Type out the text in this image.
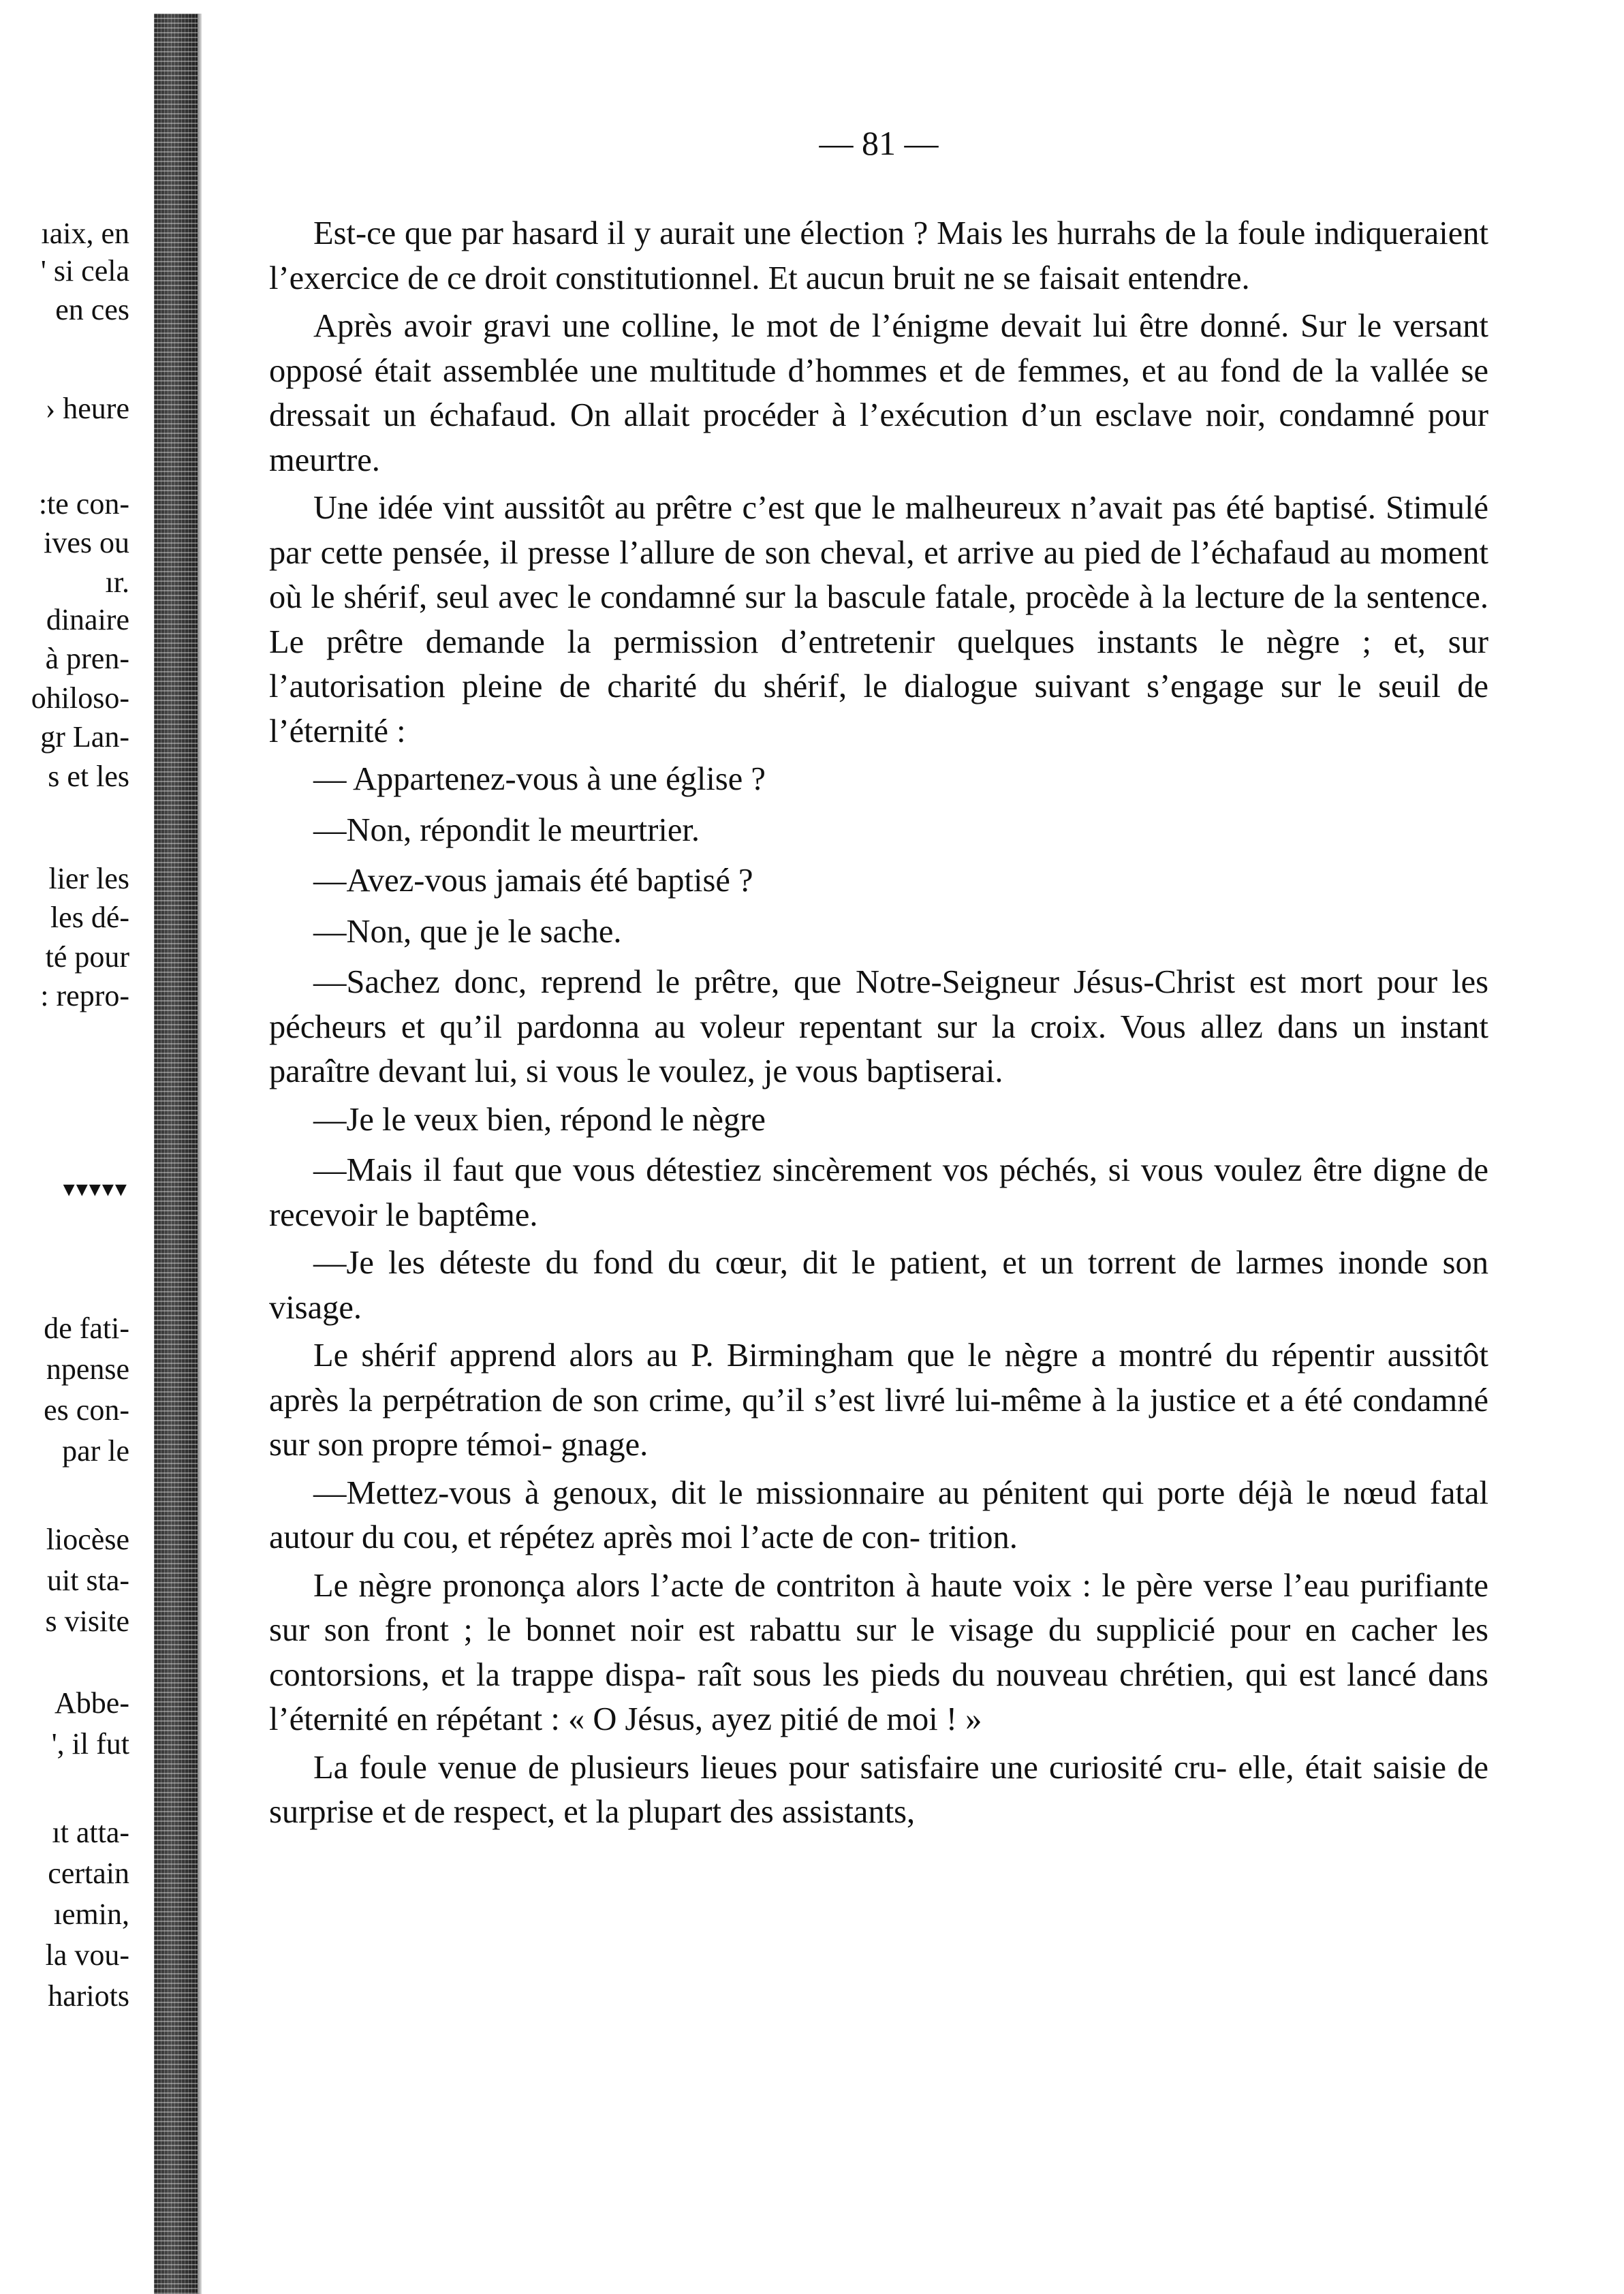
ıaix, en
' si cela
en ces
› heure
:te con-
ives ou
ır.
dinaire
à pren-
ohiloso-
gr Lan-
s et les
lier les
les dé-
té pour
: repro-
▾▾▾▾▾
de fati-
npense
es con-
par le
liocèse
uit sta-
s visite
Abbe-
', il fut
ıt atta-
certain
ıemin,
la vou-
hariots
— 81 —

Est-ce que par hasard il y aurait une élection ? Mais les hurrahs de la foule indiqueraient l’exercice de ce droit constitutionnel. Et aucun bruit ne se faisait entendre.

Après avoir gravi une colline, le mot de l’énigme devait lui être donné. Sur le versant opposé était assemblée une multitude d’hommes et de femmes, et au fond de la vallée se dressait un échafaud. On allait procéder à l’exécution d’un esclave noir, condamné pour meurtre.

Une idée vint aussitôt au prêtre c’est que le malheureux n’avait pas été baptisé. Stimulé par cette pensée, il presse l’allure de son cheval, et arrive au pied de l’échafaud au moment où le shérif, seul avec le condamné sur la bascule fatale, procède à la lecture de la sentence. Le prêtre demande la permission d’entretenir quelques instants le nègre ; et, sur l’autorisation pleine de charité du shérif, le dialogue suivant s’engage sur le seuil de l’éternité :

— Appartenez-vous à une église ?

—Non, répondit le meurtrier.

—Avez-vous jamais été baptisé ?

—Non, que je le sache.

—Sachez donc, reprend le prêtre, que Notre-Seigneur Jésus-Christ est mort pour les pécheurs et qu’il pardonna au voleur repentant sur la croix. Vous allez dans un instant paraître devant lui, si vous le voulez, je vous baptiserai.

—Je le veux bien, répond le nègre

—Mais il faut que vous détestiez sincèrement vos péchés, si vous voulez être digne de recevoir le baptême.

—Je les déteste du fond du cœur, dit le patient, et un torrent de larmes inonde son visage.

Le shérif apprend alors au P. Birmingham que le nègre a montré du répentir aussitôt après la perpétration de son crime, qu’il s’est livré lui-même à la justice et a été condamné sur son propre témoi- gnage.

—Mettez-vous à genoux, dit le missionnaire au pénitent qui porte déjà le nœud fatal autour du cou, et répétez après moi l’acte de con- trition.

Le nègre prononça alors l’acte de contriton à haute voix : le père verse l’eau purifiante sur son front ; le bonnet noir est rabattu sur le visage du supplicié pour en cacher les contorsions, et la trappe dispa- raît sous les pieds du nouveau chrétien, qui est lancé dans l’éternité en répétant : « O Jésus, ayez pitié de moi ! »

La foule venue de plusieurs lieues pour satisfaire une curiosité cru- elle, était saisie de surprise et de respect, et la plupart des assistants,
